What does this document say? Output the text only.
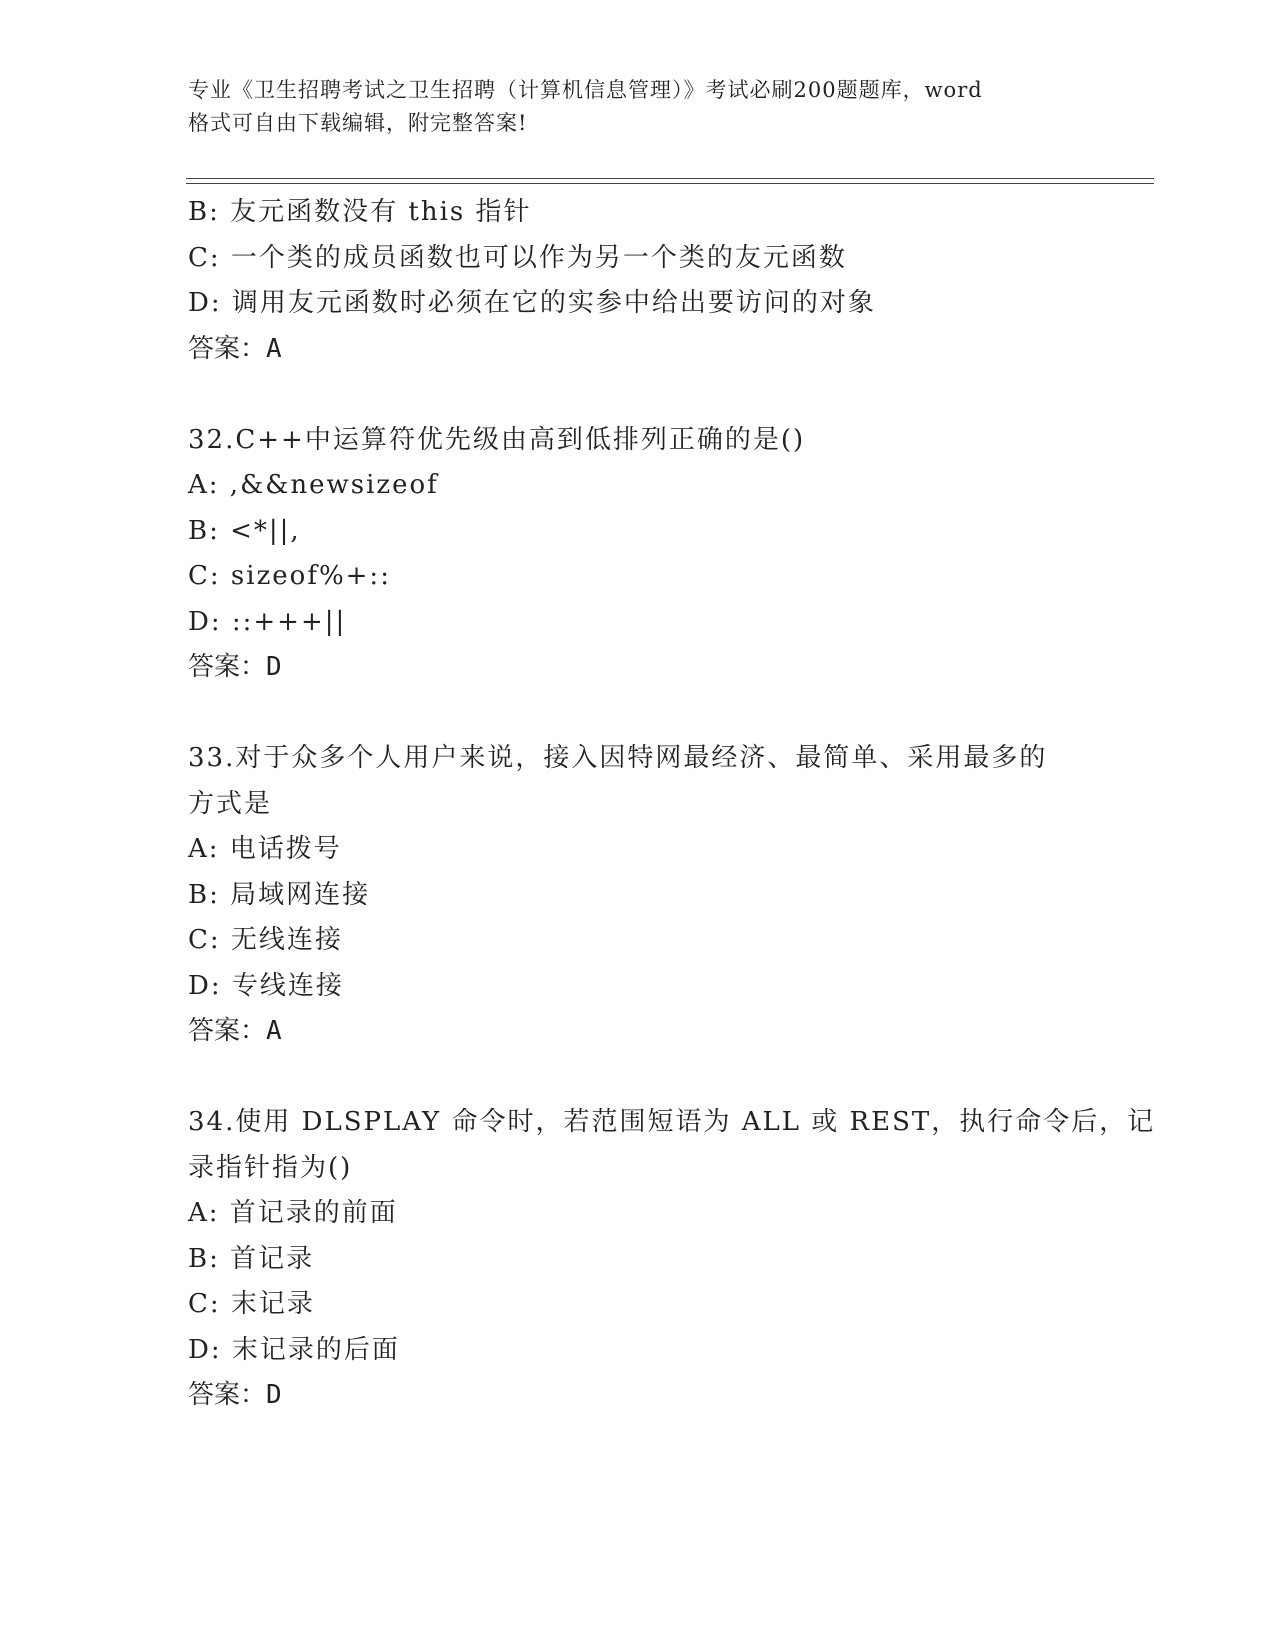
专业《卫生招聘考试之卫生招聘（计算机信息管理）》考试必刷200题题库，word
格式可自由下载编辑，附完整答案!
B: 友元函数没有 this 指针
C: 一个类的成员函数也可以作为另一个类的友元函数
D: 调用友元函数时必须在它的实参中给出要访问的对象
答案：A
32.C++中运算符优先级由高到低排列正确的是()
A: ,&&newsizeof
B: <*||,
C: sizeof%+::
D: ::+++||
答案：D
33.对于众多个人用户来说，接入因特网最经济、最简单、采用最多的
方式是
A: 电话拨号
B: 局域网连接
C: 无线连接
D: 专线连接
答案：A
34.使用 DLSPLAY 命令时，若范围短语为 ALL 或 REST，执行命令后，记
录指针指为()
A: 首记录的前面
B: 首记录
C: 末记录
D: 末记录的后面
答案：D
